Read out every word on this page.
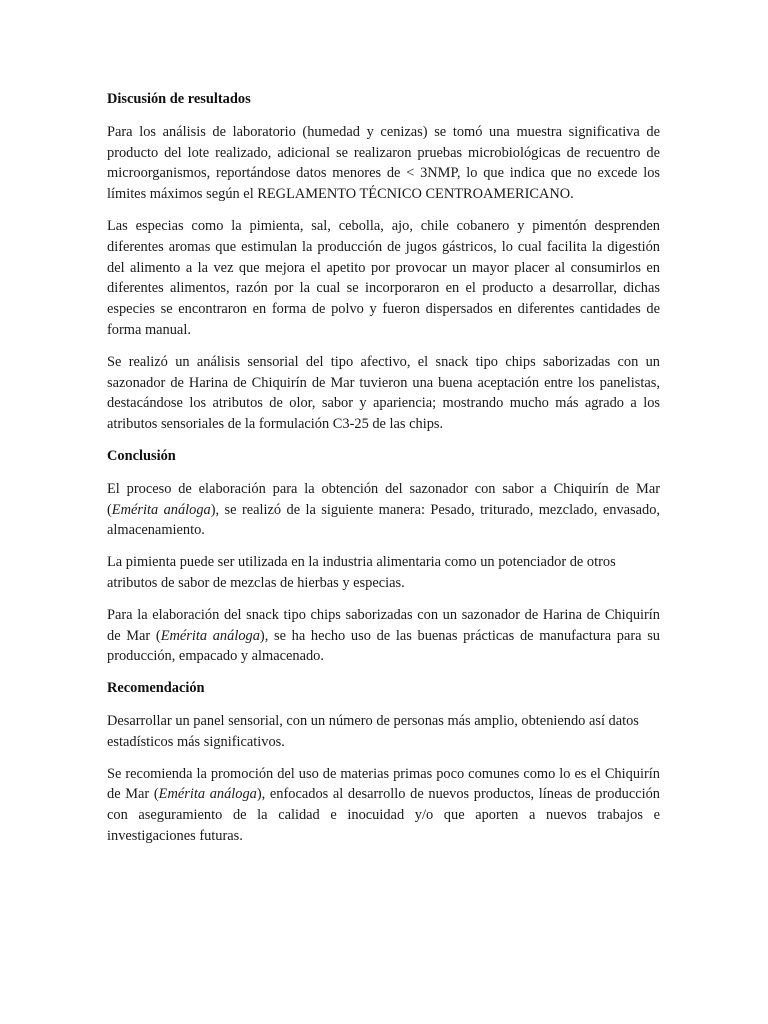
Discusión de resultados

Para los análisis de laboratorio (humedad y cenizas) se tomó una muestra significativa de producto del lote realizado, adicional se realizaron pruebas microbiológicas de recuentro de microorganismos, reportándose datos menores de < 3NMP, lo que indica que no excede los límites máximos según el REGLAMENTO TÉCNICO CENTROAMERICANO.

Las especias como la pimienta, sal, cebolla, ajo, chile cobanero y pimentón desprenden diferentes aromas que estimulan la producción de jugos gástricos, lo cual facilita la digestión del alimento a la vez que mejora el apetito por provocar un mayor placer al consumirlos en diferentes alimentos, razón por la cual se incorporaron en el producto a desarrollar, dichas especies se encontraron en forma de polvo y fueron dispersados en diferentes cantidades de forma manual.

Se realizó un análisis sensorial del tipo afectivo, el snack tipo chips saborizadas con un sazonador de Harina de Chiquirín de Mar tuvieron una buena aceptación entre los panelistas, destacándose los atributos de olor, sabor y apariencia; mostrando mucho más agrado a los atributos sensoriales de la formulación C3-25 de las chips.

Conclusión

El proceso de elaboración para la obtención del sazonador con sabor a Chiquirín de Mar (Emérita análoga), se realizó de la siguiente manera: Pesado, triturado, mezclado, envasado, almacenamiento.

La pimienta puede ser utilizada en la industria alimentaria como un potenciador de otros atributos de sabor de mezclas de hierbas y especias.

Para la elaboración del snack tipo chips saborizadas con un sazonador de Harina de Chiquirín de Mar (Emérita análoga), se ha hecho uso de las buenas prácticas de manufactura para su producción, empacado y almacenado.

Recomendación

Desarrollar un panel sensorial, con un número de personas más amplio, obteniendo así datos estadísticos más significativos.

Se recomienda la promoción del uso de materias primas poco comunes como lo es el Chiquirín de Mar (Emérita análoga), enfocados al desarrollo de nuevos productos, líneas de producción con aseguramiento de la calidad e inocuidad y/o que aporten a nuevos trabajos e investigaciones futuras.
